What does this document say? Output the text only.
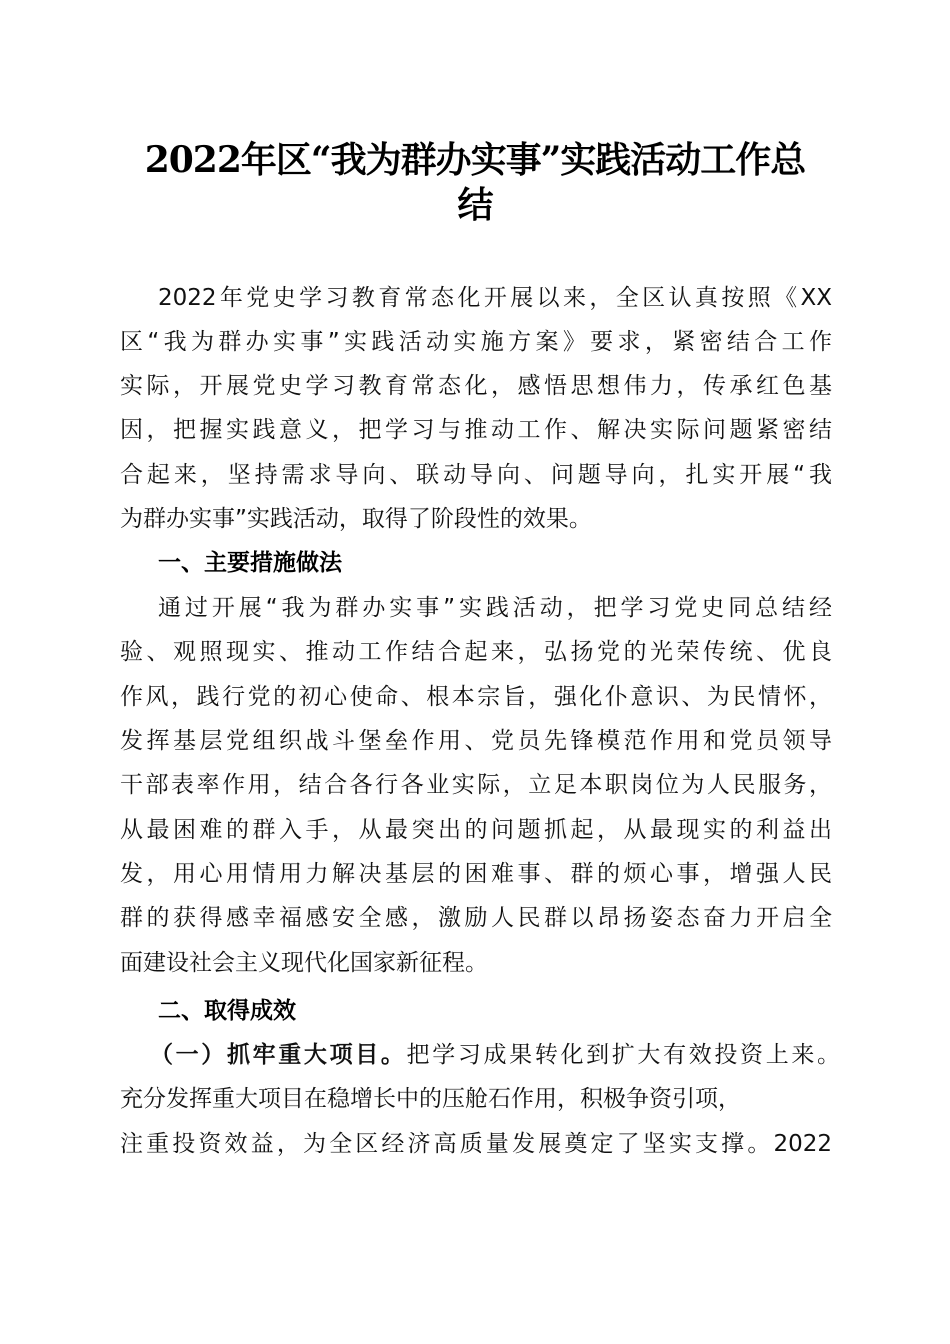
2022年区“我为群办实事”实践活动工作总
结
2022年党史学习教育常态化开展以来，全区认真按照《XX
区“我为群办实事”实践活动实施方案》要求，紧密结合工作
实际，开展党史学习教育常态化，感悟思想伟力，传承红色基
因，把握实践意义，把学习与推动工作、解决实际问题紧密结
合起来，坚持需求导向、联动导向、问题导向，扎实开展“我
为群办实事”实践活动，取得了阶段性的效果。
一、主要措施做法
通过开展“我为群办实事”实践活动，把学习党史同总结经
验、观照现实、推动工作结合起来，弘扬党的光荣传统、优良
作风，践行党的初心使命、根本宗旨，强化仆意识、为民情怀，
发挥基层党组织战斗堡垒作用、党员先锋模范作用和党员领导
干部表率作用，结合各行各业实际，立足本职岗位为人民服务，
从最困难的群入手，从最突出的问题抓起，从最现实的利益出
发，用心用情用力解决基层的困难事、群的烦心事，增强人民
群的获得感幸福感安全感，激励人民群以昂扬姿态奋力开启全
面建设社会主义现代化国家新征程。
二、取得成效
（一）抓牢重大项目。把学习成果转化到扩大有效投资上来。
充分发挥重大项目在稳增长中的压舱石作用，积极争资引项，
注重投资效益，为全区经济高质量发展奠定了坚实支撑。2022
